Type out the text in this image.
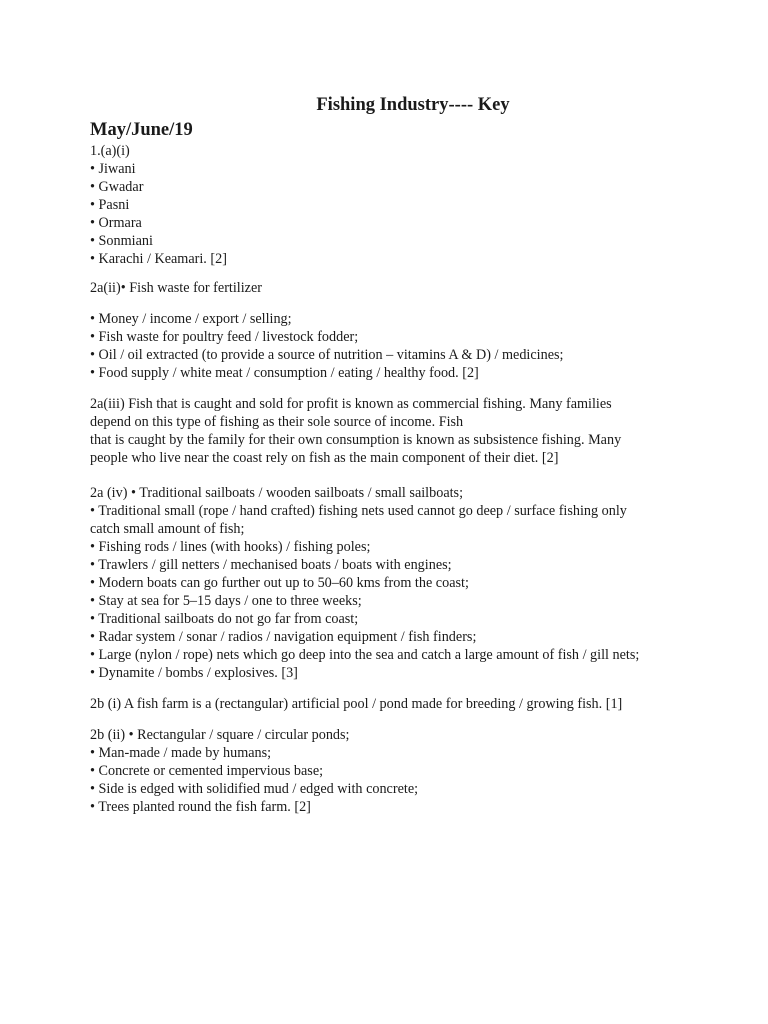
Fishing Industry---- Key
May/June/19
1.(a)(i)
• Jiwani
• Gwadar
• Pasni
• Ormara
• Sonmiani
• Karachi / Keamari. [2]
2a(ii)• Fish waste for fertilizer
• Money / income / export / selling;
• Fish waste for poultry feed / livestock fodder;
• Oil / oil extracted (to provide a source of nutrition – vitamins A & D) / medicines;
• Food supply / white meat / consumption / eating / healthy food. [2]
2a(iii) Fish that is caught and sold for profit is known as commercial fishing. Many families
depend on this type of fishing as their sole source of income. Fish
that is caught by the family for their own consumption is known as subsistence fishing. Many
people who live near the coast rely on fish as the main component of their diet. [2]
2a (iv) • Traditional sailboats / wooden sailboats / small sailboats;
• Traditional small (rope / hand crafted) fishing nets used cannot go deep / surface fishing only
catch small amount of fish;
• Fishing rods / lines (with hooks) / fishing poles;
• Trawlers / gill netters / mechanised boats / boats with engines;
• Modern boats can go further out up to 50–60 kms from the coast;
• Stay at sea for 5–15 days / one to three weeks;
• Traditional sailboats do not go far from coast;
• Radar system / sonar / radios / navigation equipment / fish finders;
• Large (nylon / rope) nets which go deep into the sea and catch a large amount of fish / gill nets;
• Dynamite / bombs / explosives. [3]
2b (i) A fish farm is a (rectangular) artificial pool / pond made for breeding / growing fish. [1]
2b (ii) • Rectangular / square / circular ponds;
• Man-made / made by humans;
• Concrete or cemented impervious base;
• Side is edged with solidified mud / edged with concrete;
• Trees planted round the fish farm. [2]
